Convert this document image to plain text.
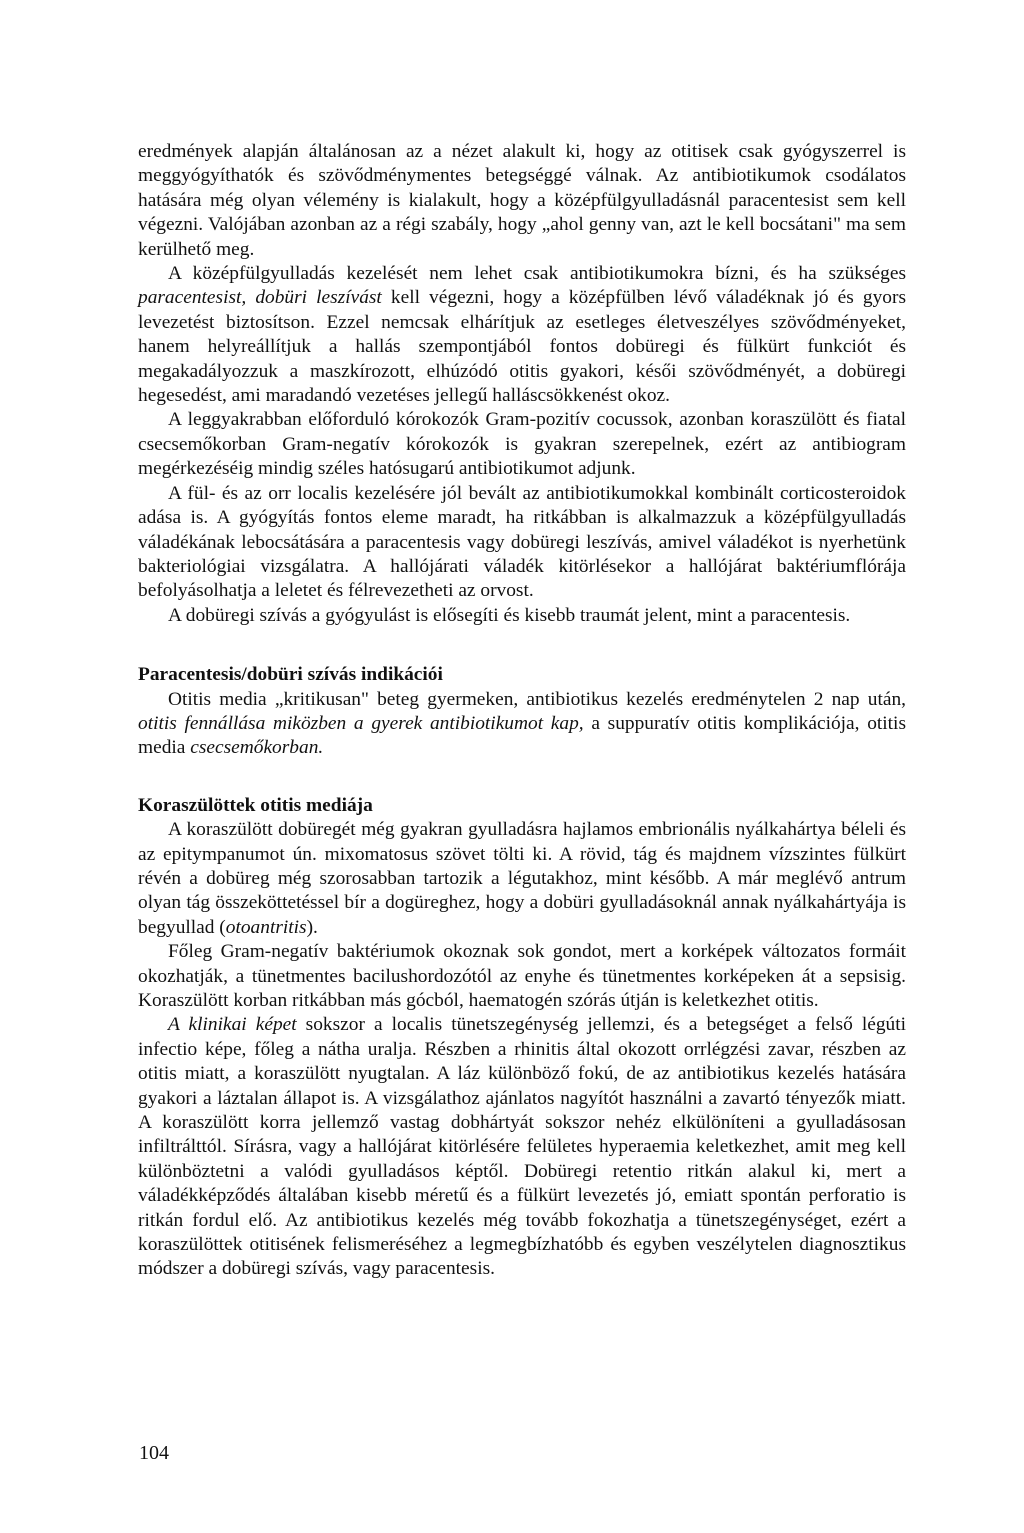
eredmények alapján általánosan az a nézet alakult ki, hogy az otitisek csak gyógyszerrel is meggyógyíthatók és szövődménymentes betegséggé válnak. Az antibiotikumok csodálatos hatására még olyan vélemény is kialakult, hogy a középfülgyulladásnál paracentesist sem kell végezni. Valójában azonban az a régi szabály, hogy „ahol genny van, azt le kell bocsátani" ma sem kerülhető meg.

A középfülgyulladás kezelését nem lehet csak antibiotikumokra bízni, és ha szükséges paracentesist, dobüri leszívást kell végezni, hogy a középfülben lévő váladéknak jó és gyors levezetést biztosítson. Ezzel nemcsak elhárítjuk az esetleges életveszélyes szövődményeket, hanem helyreállítjuk a hallás szempontjából fontos dobüregi és fülkürt funkciót és megakadályozzuk a maszkírozott, elhúzódó otitis gyakori, késői szövődményét, a dobüregi hegesedést, ami maradandó vezetéses jellegű halláscsökkenést okoz.

A leggyakrabban előforduló kórokozók Gram-pozitív cocussok, azonban koraszülött és fiatal csecsemőkorban Gram-negatív kórokozók is gyakran szerepelnek, ezért az antibiogram megérkezéséig mindig széles hatósugarú antibiotikumot adjunk.

A fül- és az orr localis kezelésére jól bevált az antibiotikumokkal kombinált corticosteroidok adása is. A gyógyítás fontos eleme maradt, ha ritkábban is alkalmazzuk a középfülgyulladás váladékának lebocsátására a paracentesis vagy dobüregi leszívás, amivel váladékot is nyerhetünk bakteriológiai vizsgálatra. A hallójárati váladék kitörlésekor a hallójárat baktériumflórája befolyásolhatja a leletet és félrevezetheti az orvost.

A dobüregi szívás a gyógyulást is elősegíti és kisebb traumát jelent, mint a paracentesis.

Paracentesis/dobüri szívás indikációi

Otitis media „kritikusan" beteg gyermeken, antibiotikus kezelés eredménytelen 2 nap után, otitis fennállása miközben a gyerek antibiotikumot kap, a suppuratív otitis komplikációja, otitis media csecsemőkorban.

Koraszülöttek otitis mediája

A koraszülött dobüregét még gyakran gyulladásra hajlamos embrionális nyálkahártya béleli és az epitympanumot ún. mixomatosus szövet tölti ki. A rövid, tág és majdnem vízszintes fülkürt révén a dobüreg még szorosabban tartozik a légutakhoz, mint később. A már meglévő antrum olyan tág összeköttetéssel bír a dogüreghez, hogy a dobüri gyulladásoknál annak nyálkahártyája is begyullad (otoantritis).

Főleg Gram-negatív baktériumok okoznak sok gondot, mert a korképek változatos formáit okozhatják, a tünetmentes bacilushordozótól az enyhe és tünetmentes korképeken át a sepsisig. Koraszülött korban ritkábban más gócból, haematogén szórás útján is keletkezhet otitis.

A klinikai képet sokszor a localis tünetszegénység jellemzi, és a betegséget a felső légúti infectio képe, főleg a nátha uralja. Részben a rhinitis által okozott orrlégzési zavar, részben az otitis miatt, a koraszülött nyugtalan. A láz különböző fokú, de az antibiotikus kezelés hatására gyakori a láztalan állapot is. A vizsgálathoz ajánlatos nagyítót használni a zavartó tényezők miatt. A koraszülött korra jellemző vastag dobhártyát sokszor nehéz elkülöníteni a gyulladásosan infiltrálttól. Sírásra, vagy a hallójárat kitörlésére felületes hyperaemia keletkezhet, amit meg kell különböztetni a valódi gyulladásos képtől. Dobüregi retentio ritkán alakul ki, mert a váladékképződés általában kisebb méretű és a fülkürt levezetés jó, emiatt spontán perforatio is ritkán fordul elő. Az antibiotikus kezelés még tovább fokozhatja a tünetszegénységet, ezért a koraszülöttek otitisének felismeréséhez a legmegbízhatóbb és egyben veszélytelen diagnosztikus módszer a dobüregi szívás, vagy paracentesis.

104
